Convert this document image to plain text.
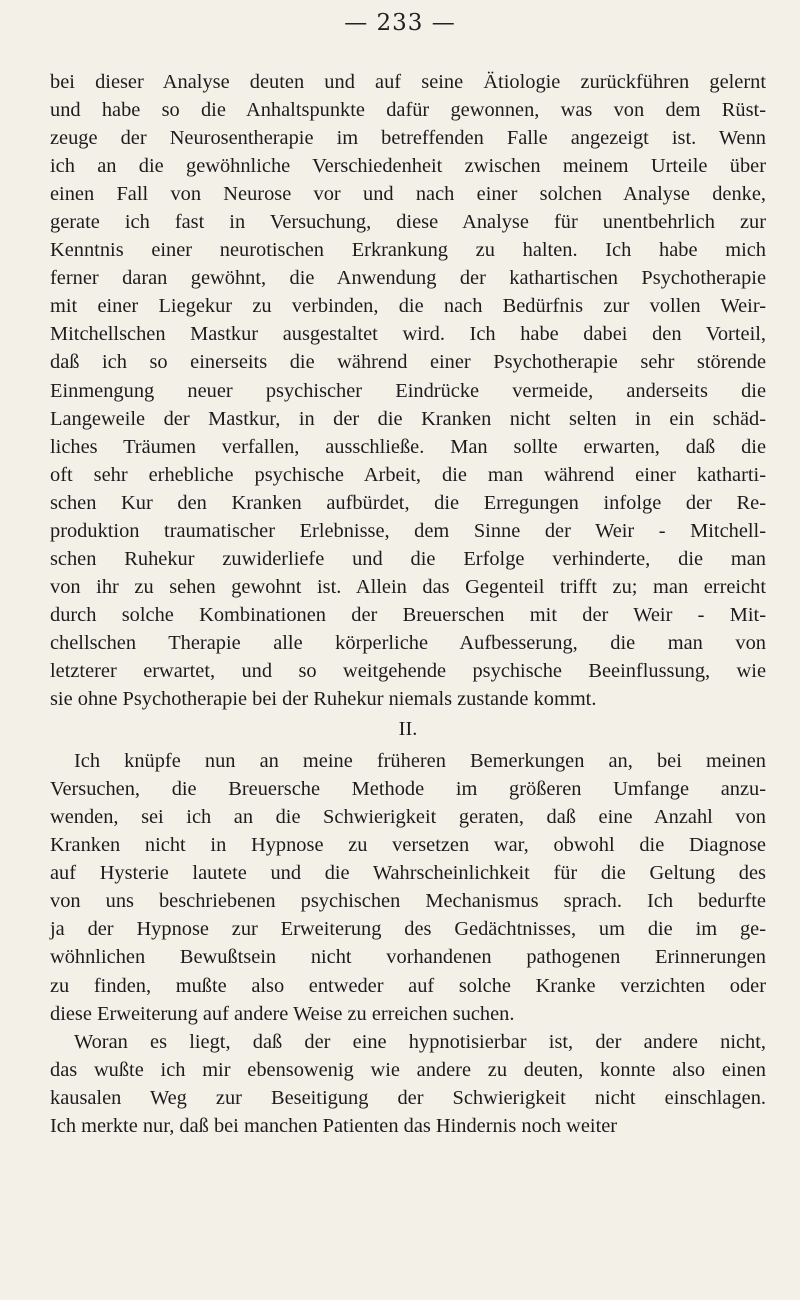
— 233 —
bei dieser Analyse deuten und auf seine Ätiologie zurückführen gelernt
und habe so die Anhaltspunkte dafür gewonnen, was von dem Rüst-
zeuge der Neurosentherapie im betreffenden Falle angezeigt ist. Wenn
ich an die gewöhnliche Verschiedenheit zwischen meinem Urteile über
einen Fall von Neurose vor und nach einer solchen Analyse denke,
gerate ich fast in Versuchung, diese Analyse für unentbehrlich zur
Kenntnis einer neurotischen Erkrankung zu halten. Ich habe mich
ferner daran gewöhnt, die Anwendung der kathartischen Psychotherapie
mit einer Liegekur zu verbinden, die nach Bedürfnis zur vollen Weir-
Mitchellschen Mastkur ausgestaltet wird. Ich habe dabei den Vorteil,
daß ich so einerseits die während einer Psychotherapie sehr störende
Einmengung neuer psychischer Eindrücke vermeide, anderseits die
Langeweile der Mastkur, in der die Kranken nicht selten in ein schäd-
liches Träumen verfallen, ausschließe. Man sollte erwarten, daß die
oft sehr erhebliche psychische Arbeit, die man während einer katharti-
schen Kur den Kranken aufbürdet, die Erregungen infolge der Re-
produktion traumatischer Erlebnisse, dem Sinne der Weir - Mitchell-
schen Ruhekur zuwiderliefe und die Erfolge verhinderte, die man
von ihr zu sehen gewohnt ist. Allein das Gegenteil trifft zu; man erreicht
durch solche Kombinationen der Breuerschen mit der Weir - Mit-
chellschen Therapie alle körperliche Aufbesserung, die man von
letzterer erwartet, und so weitgehende psychische Beeinflussung, wie
sie ohne Psychotherapie bei der Ruhekur niemals zustande kommt.
II.
Ich knüpfe nun an meine früheren Bemerkungen an, bei meinen
Versuchen, die Breuersche Methode im größeren Umfange anzu-
wenden, sei ich an die Schwierigkeit geraten, daß eine Anzahl von
Kranken nicht in Hypnose zu versetzen war, obwohl die Diagnose
auf Hysterie lautete und die Wahrscheinlichkeit für die Geltung des
von uns beschriebenen psychischen Mechanismus sprach. Ich bedurfte
ja der Hypnose zur Erweiterung des Gedächtnisses, um die im ge-
wöhnlichen Bewußtsein nicht vorhandenen pathogenen Erinnerungen
zu finden, mußte also entweder auf solche Kranke verzichten oder
diese Erweiterung auf andere Weise zu erreichen suchen.
Woran es liegt, daß der eine hypnotisierbar ist, der andere nicht,
das wußte ich mir ebensowenig wie andere zu deuten, konnte also einen
kausalen Weg zur Beseitigung der Schwierigkeit nicht einschlagen.
Ich merkte nur, daß bei manchen Patienten das Hindernis noch weiter
